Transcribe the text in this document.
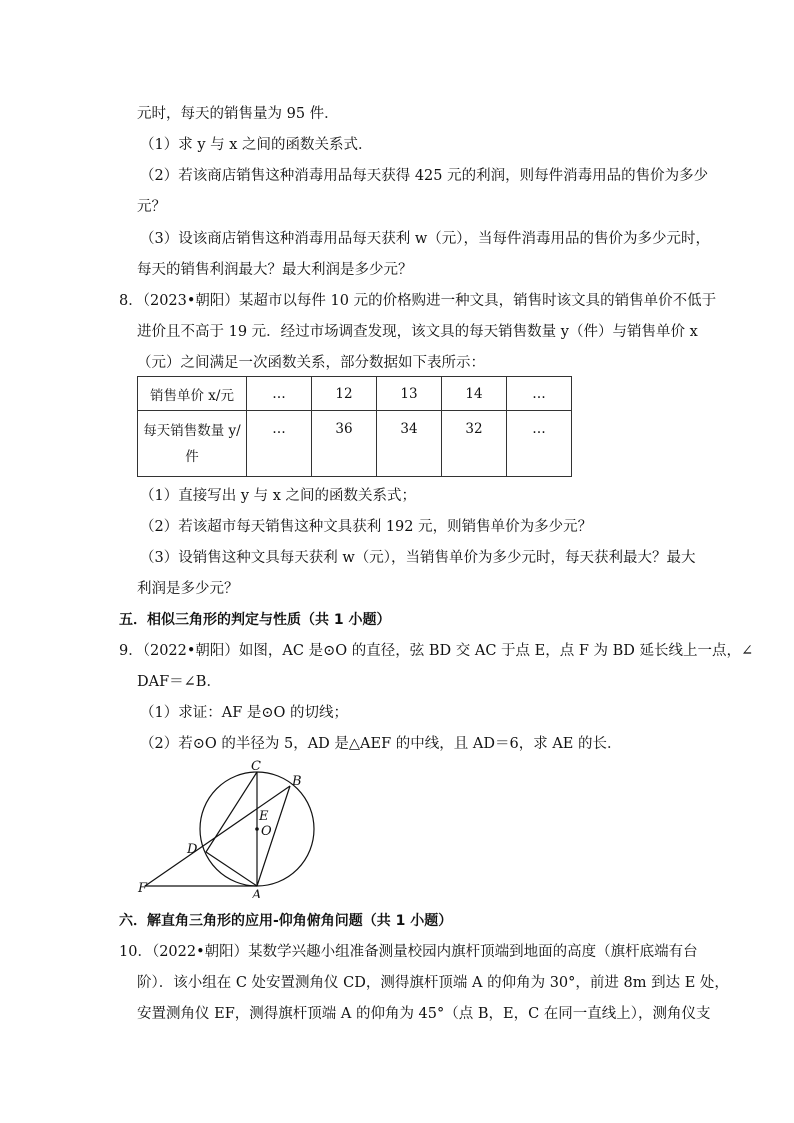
元时，每天的销售量为 95 件．
（1）求 y 与 x 之间的函数关系式．
（2）若该商店销售这种消毒用品每天获得 425 元的利润，则每件消毒用品的售价为多少
元？
（3）设该商店销售这种消毒用品每天获利 w（元），当每件消毒用品的售价为多少元时，
每天的销售利润最大？最大利润是多少元？
8．（2023•朝阳）某超市以每件 10 元的价格购进一种文具，销售时该文具的销售单价不低于
进价且不高于 19 元．经过市场调查发现，该文具的每天销售数量 y（件）与销售单价 x
（元）之间满足一次函数关系，部分数据如下表所示：
销售单价 x/元	…	12	13	14	…

每天销售数量 y/
件	…	36	34	32	…
（1）直接写出 y 与 x 之间的函数关系式；
（2）若该超市每天销售这种文具获利 192 元，则销售单价为多少元？
（3）设销售这种文具每天获利 w（元），当销售单价为多少元时，每天获利最大？最大
利润是多少元？
五．相似三角形的判定与性质（共 1 小题）
9．（2022•朝阳）如图，AC 是⊙O 的直径，弦 BD 交 AC 于点 E，点 F 为 BD 延长线上一点，∠
DAF＝∠B．
（1）求证：AF 是⊙O 的切线；
（2）若⊙O 的半径为 5，AD 是△AEF 的中线，且 AD＝6，求 AE 的长．
C
B
E
O
D
F	A
六．解直角三角形的应用-仰角俯角问题（共 1 小题）
10．（2022•朝阳）某数学兴趣小组准备测量校园内旗杆顶端到地面的高度（旗杆底端有台
阶）．该小组在 C 处安置测角仪 CD，测得旗杆顶端 A 的仰角为 30°，前进 8m 到达 E 处，
安置测角仪 EF，测得旗杆顶端 A 的仰角为 45°（点 B，E，C 在同一直线上），测角仪支
